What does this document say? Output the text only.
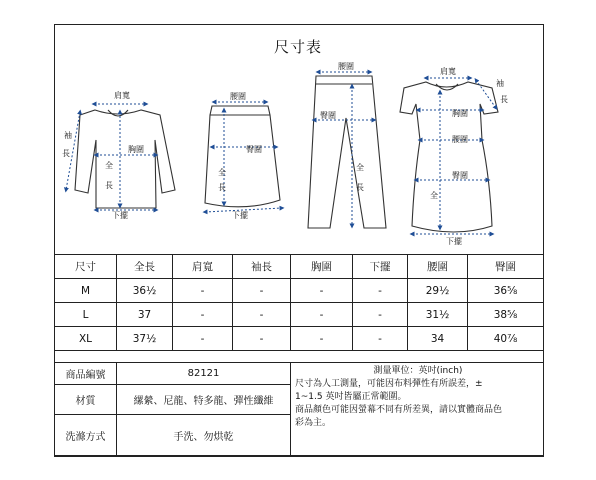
尺寸表
肩寬
袖
長	胸圍
全
長
下擺
腰圍
臀圍
全
長
下擺
腰圍
臀圍
全
長
肩寬
袖
長
胸圍
腰圍
臀圍
全
下擺
尺寸	全長	肩寬	袖長	胸圍	下擺	腰圍	臀圍
M	36½	-	-	-	-	29½	36⅝
L	37	-	-	-	-	31½	38⅝
XL	37½	-	-	-	-	34	40⅞
商品編號	82121	測量單位：英吋(inch)
尺寸為人工測量，可能因布料彈性有所誤差，±
1~1.5 英吋皆屬正常範圍。
商品顏色可能因螢幕不同有所差異，請以實體商品色
彩為主。

材質	縲縈、尼龍、特多龍、彈性纖維	
洗滌方式	手洗、勿烘乾	
